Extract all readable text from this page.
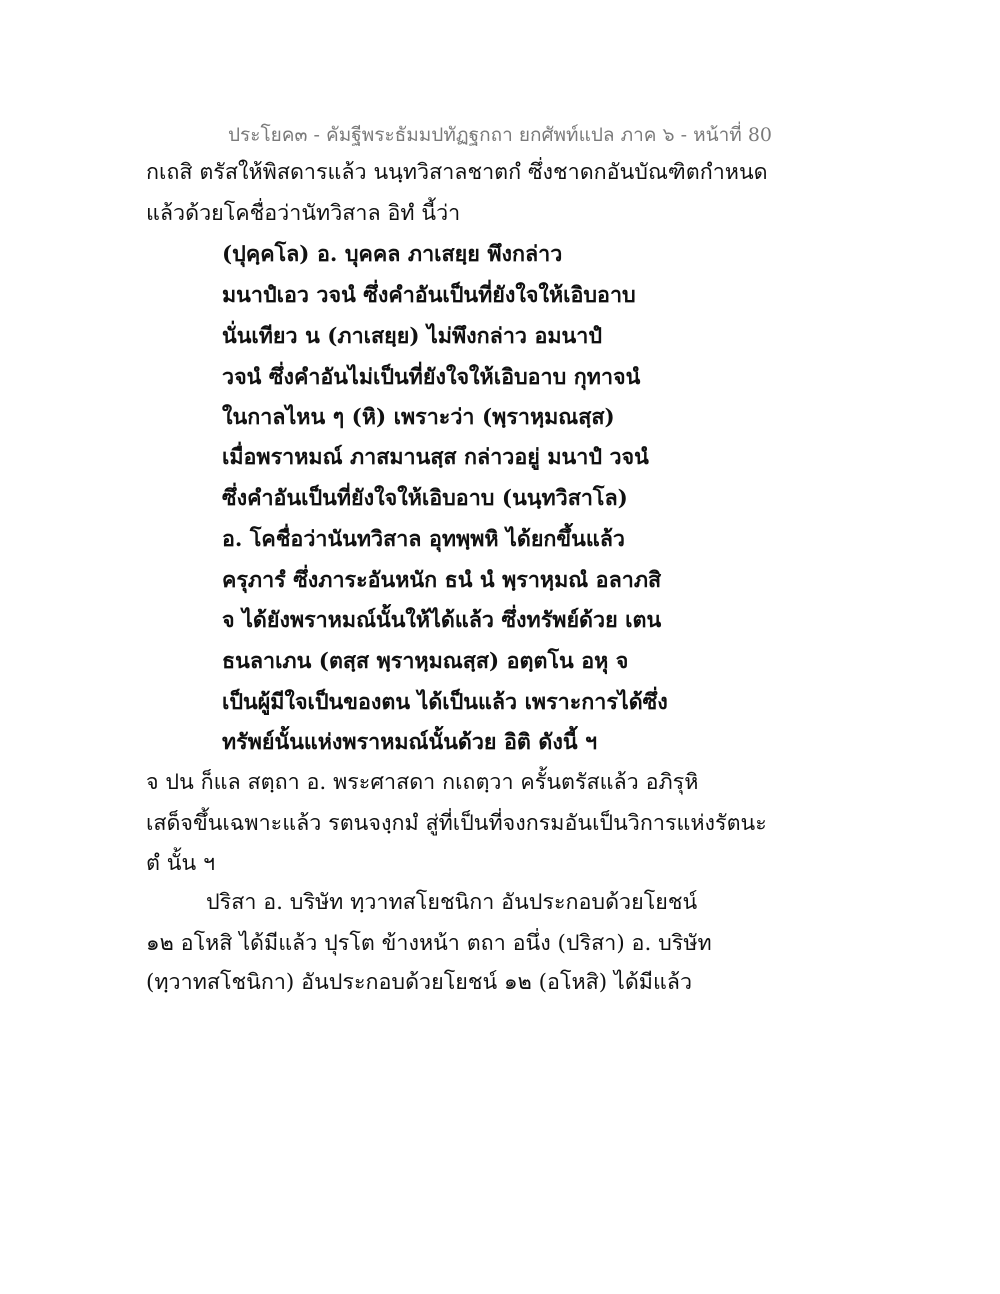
ประโยค๓ - คัมฐีพระธัมมปทัฏฐกถา ยกศัพท์แปล ภาค ๖ - หน้าที่ 80
กเถสิ ตรัสให้พิสดารแล้ว นนฺทวิสาลชาตกํ ซึ่งชาดกอันบัณฑิตกำหนด
แล้วด้วยโคชื่อว่านัทวิสาล อิทํ นี้ว่า
(ปุคฺคโล) อ. บุคคล ภาเสยฺย พึงกล่าว
มนาปํเอว วจนํ ซึ่งคำอันเป็นที่ยังใจให้เอิบอาบ
นั่นเทียว น (ภาเสยฺย) ไม่พึงกล่าว อมนาปํ
วจนํ ซึ่งคำอันไม่เป็นที่ยังใจให้เอิบอาบ กุทาจนํ
ในกาลไหน ๆ (หิ) เพราะว่า (พฺราหฺมณสฺส)
เมื่อพราหมณ์ ภาสมานสฺส กล่าวอยู่ มนาปํ วจนํ
ซึ่งคำอันเป็นที่ยังใจให้เอิบอาบ (นนฺทวิสาโล)
อ. โคชื่อว่านันทวิสาล อุทพฺพหิ ได้ยกขึ้นแล้ว
ครุภารํ ซึ่งภาระอันหนัก ธนํ นํ พฺราหฺมณํ อลาภสิ
จ ได้ยังพราหมณ์นั้นให้ได้แล้ว ซึ่งทรัพย์ด้วย เตน
ธนลาเภน (ตสฺส พฺราหฺมณสฺส) อตฺตโน อหุ จ
เป็นผู้มีใจเป็นของตน ได้เป็นแล้ว เพราะการได้ซึ่ง
ทรัพย์นั้นแห่งพราหมณ์นั้นด้วย อิติ ดังนี้ ฯ
จ ปน ก็แล สตฺถา อ. พระศาสดา กเถตฺวา ครั้นตรัสแล้ว อภิรุหิ
เสด็จขึ้นเฉพาะแล้ว รตนจงฺกมํ สู่ที่เป็นที่จงกรมอันเป็นวิการแห่งรัตนะ
ตํ นั้น ฯ
ปริสา อ. บริษัท ทฺวาทสโยชนิกา อันประกอบด้วยโยชน์
๑๒ อโหสิ ได้มีแล้ว ปุรโต ข้างหน้า ตถา อนึ่ง (ปริสา) อ. บริษัท
(ทฺวาทสโชนิกา) อันประกอบด้วยโยชน์ ๑๒ (อโหสิ) ได้มีแล้ว
